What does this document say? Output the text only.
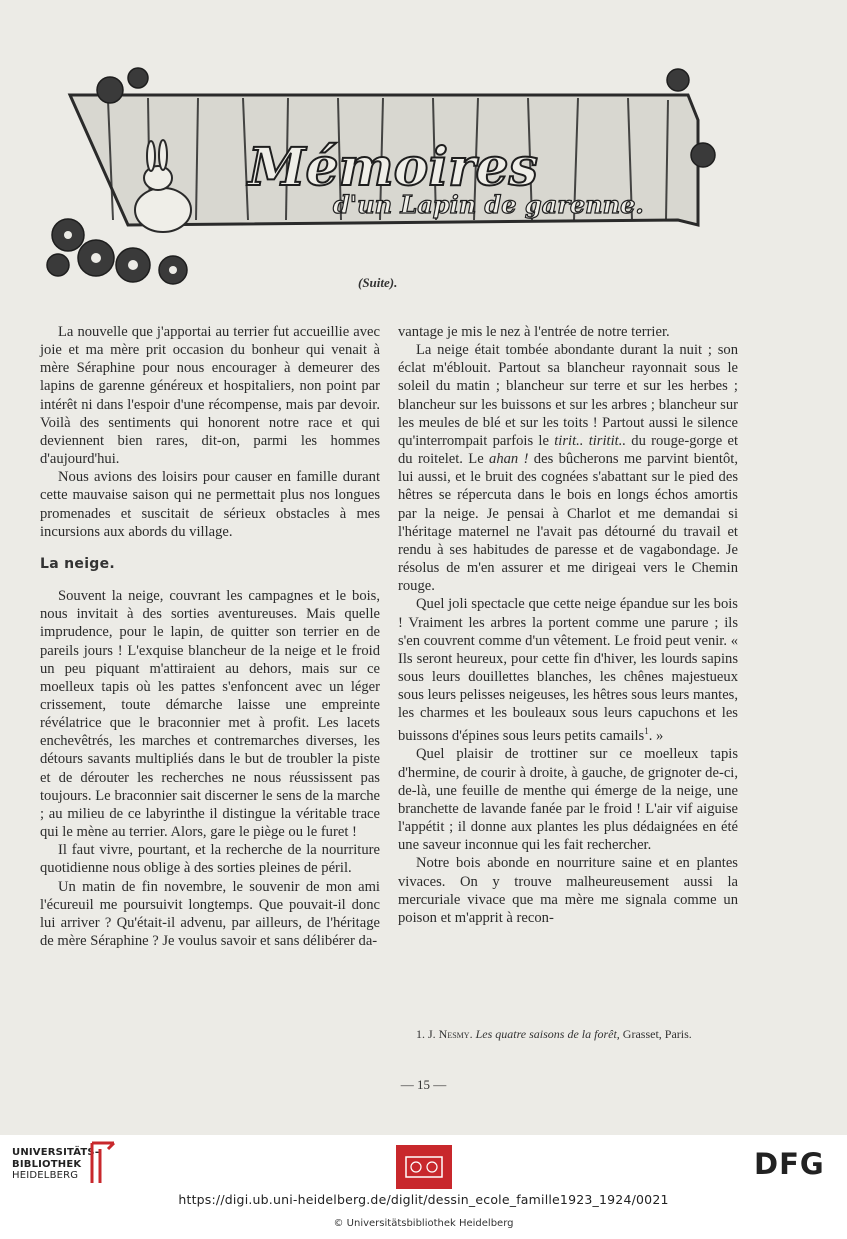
Mémoires
d'un Lapin de garenne.
(Suite).

La nouvelle que j'apportai au terrier fut accueillie avec joie et ma mère prit occasion du bonheur qui venait à mère Séraphine pour nous encourager à demeurer des lapins de garenne généreux et hospitaliers, non point par intérêt ni dans l'espoir d'une récompense, mais par devoir. Voilà des sentiments qui honorent notre race et qui deviennent bien rares, dit-on, parmi les hommes d'aujourd'hui.

Nous avions des loisirs pour causer en famille durant cette mauvaise saison qui ne permettait plus nos longues promenades et suscitait de sérieux obstacles à mes incursions aux abords du village.

La neige.

Souvent la neige, couvrant les campagnes et le bois, nous invitait à des sorties aventureuses. Mais quelle imprudence, pour le lapin, de quitter son terrier en de pareils jours ! L'exquise blancheur de la neige et le froid un peu piquant m'attiraient au dehors, mais sur ce moelleux tapis où les pattes s'enfoncent avec un léger crissement, toute démarche laisse une empreinte révélatrice que le braconnier met à profit. Les lacets enchevêtrés, les marches et contremarches diverses, les détours savants multipliés dans le but de troubler la piste et de dérouter les recherches ne nous réussissent pas toujours. Le braconnier sait discerner le sens de la marche ; au milieu de ce labyrinthe il distingue la véritable trace qui le mène au terrier. Alors, gare le piège ou le furet !

Il faut vivre, pourtant, et la recherche de la nourriture quotidienne nous oblige à des sorties pleines de péril.

Un matin de fin novembre, le souvenir de mon ami l'écureuil me poursuivit longtemps. Que pouvait-il donc lui arriver ? Qu'était-il advenu, par ailleurs, de l'héritage de mère Séraphine ? Je voulus savoir et sans délibérer da-

vantage je mis le nez à l'entrée de notre terrier.

La neige était tombée abondante durant la nuit ; son éclat m'éblouit. Partout sa blancheur rayonnait sous le soleil du matin ; blancheur sur terre et sur les herbes ; blancheur sur les buissons et sur les arbres ; blancheur sur les meules de blé et sur les toits ! Partout aussi le silence qu'interrompait parfois le tirit.. tiritit.. du rouge-gorge et du roitelet. Le ahan ! des bûcherons me parvint bientôt, lui aussi, et le bruit des cognées s'abattant sur le pied des hêtres se répercuta dans le bois en longs échos amortis par la neige. Je pensai à Charlot et me demandai si l'héritage maternel ne l'avait pas détourné du travail et rendu à ses habitudes de paresse et de vagabondage. Je résolus de m'en assurer et me dirigeai vers le Chemin rouge.

Quel joli spectacle que cette neige épandue sur les bois ! Vraiment les arbres la portent comme une parure ; ils s'en couvrent comme d'un vêtement. Le froid peut venir. « Ils seront heureux, pour cette fin d'hiver, les lourds sapins sous leurs douillettes blanches, les chênes majestueux sous leurs pelisses neigeuses, les hêtres sous leurs mantes, les charmes et les bouleaux sous leurs capuchons et les buissons d'épines sous leurs petits camails$^1$. »

Quel plaisir de trottiner sur ce moelleux tapis d'hermine, de courir à droite, à gauche, de grignoter de-ci, de-là, une feuille de menthe qui émerge de la neige, une branchette de lavande fanée par le froid ! L'air vif aiguise l'appétit ; il donne aux plantes les plus dédaignées en été une saveur inconnue qui les fait rechercher.

Notre bois abonde en nourriture saine et en plantes vivaces. On y trouve malheureusement aussi la mercuriale vivace que ma mère me signala comme un poison et m'apprit à recon-

1. J. Nesmy. Les quatre saisons de la forêt, Grasset, Paris.
— 15 —
UNIVERSITÄTS-
BIBLIOTHEK
HEIDELBERG	DFG
https://digi.ub.uni-heidelberg.de/diglit/dessin_ecole_famille1923_1924/0021
© Universitätsbibliothek Heidelberg
